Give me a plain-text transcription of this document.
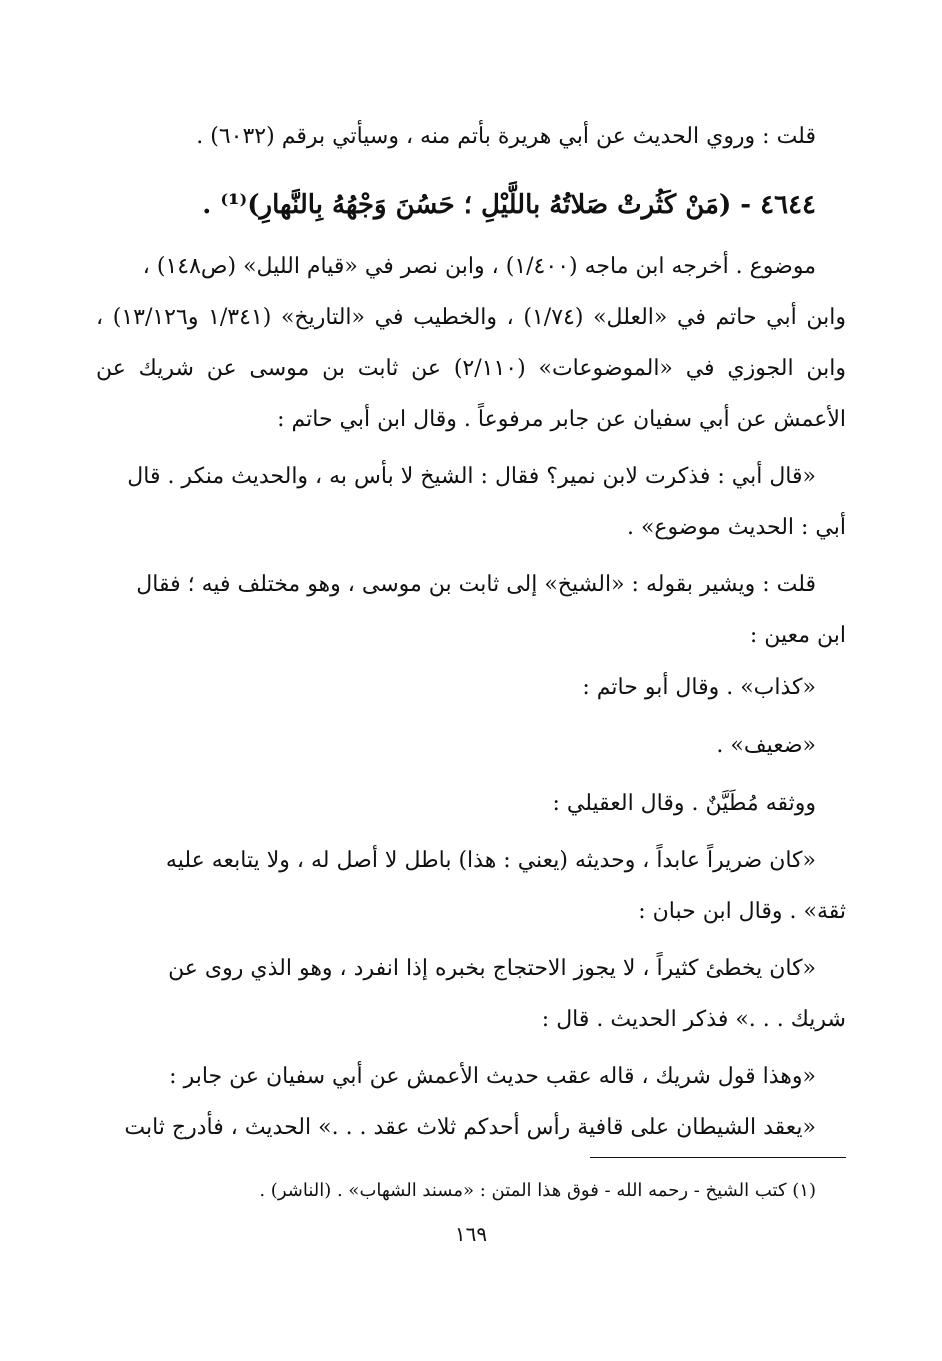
قلت : وروي الحديث عن أبي هريرة بأتم منه ، وسيأتي برقم (٦٠٣٢) .

٤٦٤٤ - (مَنْ كَثُرتْ صَلاتُهُ باللَّيْلِ ؛ حَسُنَ وَجْهُهُ بِالنَّهارِ)⁽¹⁾ .

موضوع . أخرجه ابن ماجه (١/٤٠٠) ، وابن نصر في «قيام الليل» (ص١٤٨) ،

وابن أبي حاتم في «العلل» (١/٧٤) ، والخطيب في «التاريخ» (١/٣٤١ و١٣/١٢٦) ،

وابن الجوزي في «الموضوعات» (٢/١١٠) عن ثابت بن موسى عن شريك عن

الأعمش عن أبي سفيان عن جابر مرفوعاً . وقال ابن أبي حاتم :

«قال أبي : فذكرت لابن نمير؟ فقال : الشيخ لا بأس به ، والحديث منكر . قال

أبي : الحديث موضوع» .

قلت : ويشير بقوله : «الشيخ» إلى ثابت بن موسى ، وهو مختلف فيه ؛ فقال

ابن معين :

«كذاب» . وقال أبو حاتم :

«ضعيف» .

ووثقه مُطَيَّنٌ . وقال العقيلي :

«كان ضريراً عابداً ، وحديثه (يعني : هذا) باطل لا أصل له ، ولا يتابعه عليه

ثقة» . وقال ابن حبان :

«كان يخطئ كثيراً ، لا يجوز الاحتجاج بخبره إذا انفرد ، وهو الذي روى عن

شريك . . .» فذكر الحديث . قال :

«وهذا قول شريك ، قاله عقب حديث الأعمش عن أبي سفيان عن جابر :

«يعقد الشيطان على قافية رأس أحدكم ثلاث عقد . . .» الحديث ، فأدرج ثابت

(١) كتب الشيخ - رحمه الله - فوق هذا المتن : «مسند الشهاب» . (الناشر) .

١٦٩
